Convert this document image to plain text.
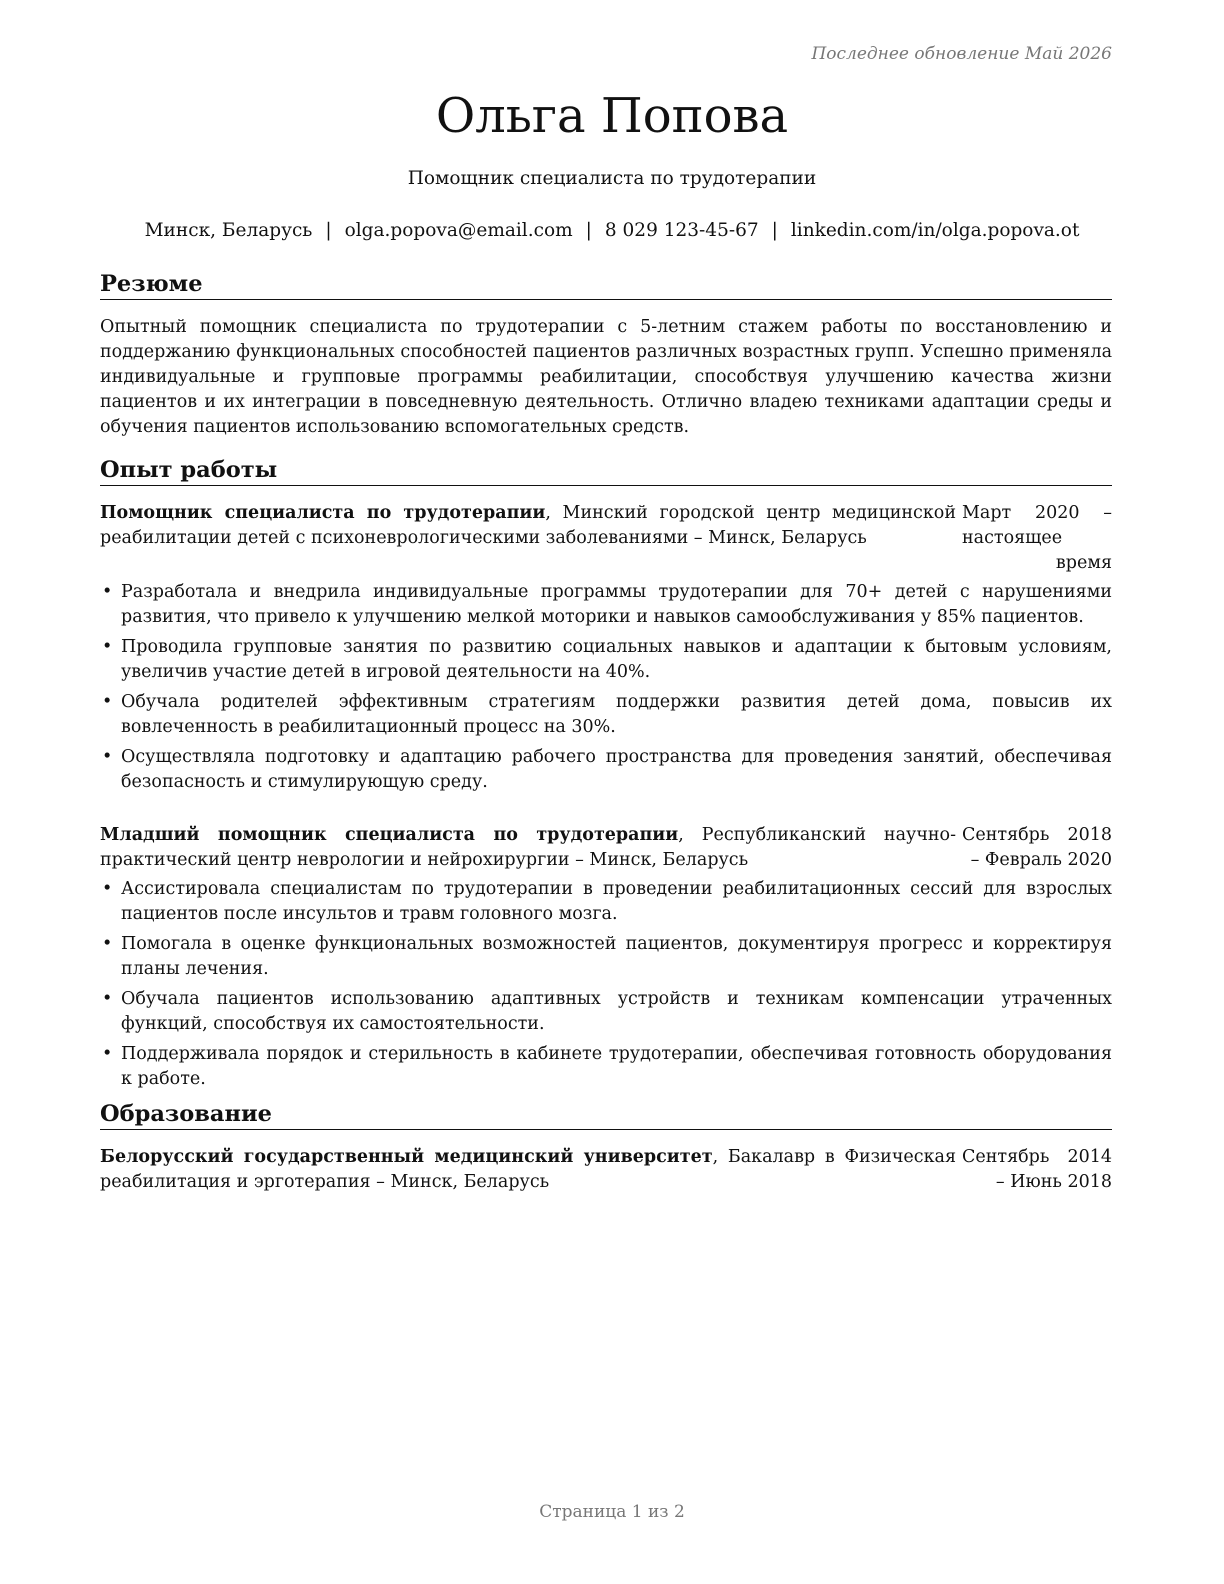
Последнее обновление Май 2026
Ольга Попова
Помощник специалиста по трудотерапии
Минск, Беларусь | olga.popova@email.com | 8 029 123-45-67 | linkedin.com/in/olga.popova.ot
Резюме

Опытный помощник специалиста по трудотерапии с 5-летним стажем работы по восстановлению и поддержанию функциональных способностей пациентов различных возрастных групп. Успешно применяла индивидуальные и групповые программы реабилитации, способствуя улучшению качества жизни пациентов и их интеграции в повседневную деятельность. Отлично владею техниками адаптации среды и обучения пациентов использованию вспомогательных средств.

Опыт работы
Помощник специалиста по трудотерапии, Минский городской центр медицинской реабилитации детей с психоневрологическими заболеваниями – Минск, Беларусь
Март 2020 – настоящее время
• Разработала и внедрила индивидуальные программы трудотерапии для 70+ детей с нарушениями развития, что привело к улучшению мелкой моторики и навыков самообслуживания у 85% пациентов.
• Проводила групповые занятия по развитию социальных навыков и адаптации к бытовым условиям, увеличив участие детей в игровой деятельности на 40%.
• Обучала родителей эффективным стратегиям поддержки развития детей дома, повысив их вовлеченность в реабилитационный процесс на 30%.
• Осуществляла подготовку и адаптацию рабочего пространства для проведения занятий, обеспечивая безопасность и стимулирующую среду.
Младший помощник специалиста по трудотерапии, Республиканский научно-практический центр неврологии и нейрохирургии – Минск, Беларусь
Сентябрь 2018 – Февраль 2020
• Ассистировала специалистам по трудотерапии в проведении реабилитационных сессий для взрослых пациентов после инсультов и травм головного мозга.
• Помогала в оценке функциональных возможностей пациентов, документируя прогресс и корректируя планы лечения.
• Обучала пациентов использованию адаптивных устройств и техникам компенсации утраченных функций, способствуя их самостоятельности.
• Поддерживала порядок и стерильность в кабинете трудотерапии, обеспечивая готовность оборудования к работе.
Образование
Белорусский государственный медицинский университет, Бакалавр в Физическая реабилитация и эрготерапия – Минск, Беларусь
Сентябрь 2014 – Июнь 2018
Страница 1 из 2
